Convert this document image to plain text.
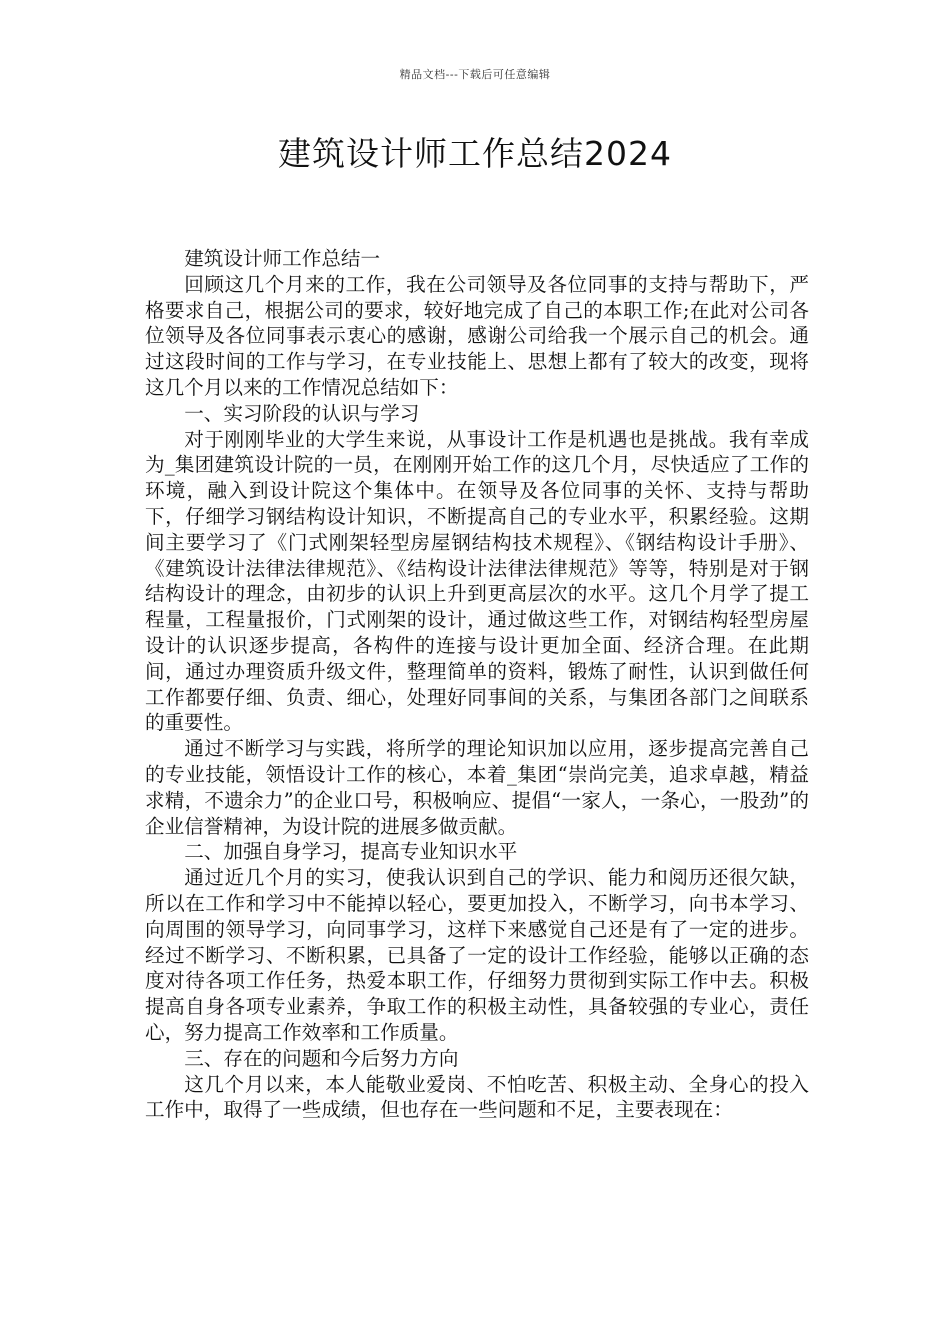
精品文档---下载后可任意编辑
建筑设计师工作总结2024

建筑设计师工作总结一

回顾这几个月来的工作，我在公司领导及各位同事的支持与帮助下，严格要求自己，根据公司的要求，较好地完成了自己的本职工作;在此对公司各位领导及各位同事表示衷心的感谢，感谢公司给我一个展示自己的机会。通过这段时间的工作与学习，在专业技能上、思想上都有了较大的改变，现将这几个月以来的工作情况总结如下：

一、实习阶段的认识与学习

对于刚刚毕业的大学生来说，从事设计工作是机遇也是挑战。我有幸成为_集团建筑设计院的一员，在刚刚开始工作的这几个月，尽快适应了工作的环境，融入到设计院这个集体中。在领导及各位同事的关怀、支持与帮助下，仔细学习钢结构设计知识，不断提高自己的专业水平，积累经验。这期间主要学习了《门式刚架轻型房屋钢结构技术规程》、《钢结构设计手册》、《建筑设计法律法律规范》、《结构设计法律法律规范》等等，特别是对于钢结构设计的理念，由初步的认识上升到更高层次的水平。这几个月学了提工程量，工程量报价，门式刚架的设计，通过做这些工作，对钢结构轻型房屋设计的认识逐步提高，各构件的连接与设计更加全面、经济合理。在此期间，通过办理资质升级文件，整理简单的资料，锻炼了耐性，认识到做任何工作都要仔细、负责、细心，处理好同事间的关系，与集团各部门之间联系的重要性。

通过不断学习与实践，将所学的理论知识加以应用，逐步提高完善自己的专业技能，领悟设计工作的核心，本着_集团“崇尚完美，追求卓越，精益求精，不遗余力”的企业口号，积极响应、提倡“一家人，一条心，一股劲”的企业信誉精神，为设计院的进展多做贡献。

二、加强自身学习，提高专业知识水平

通过近几个月的实习，使我认识到自己的学识、能力和阅历还很欠缺，所以在工作和学习中不能掉以轻心，要更加投入，不断学习，向书本学习、向周围的领导学习，向同事学习，这样下来感觉自己还是有了一定的进步。经过不断学习、不断积累，已具备了一定的设计工作经验，能够以正确的态度对待各项工作任务，热爱本职工作，仔细努力贯彻到实际工作中去。积极提高自身各项专业素养，争取工作的积极主动性，具备较强的专业心，责任心，努力提高工作效率和工作质量。

三、存在的问题和今后努力方向

这几个月以来，本人能敬业爱岗、不怕吃苦、积极主动、全身心的投入工作中，取得了一些成绩，但也存在一些问题和不足，主要表现在：
